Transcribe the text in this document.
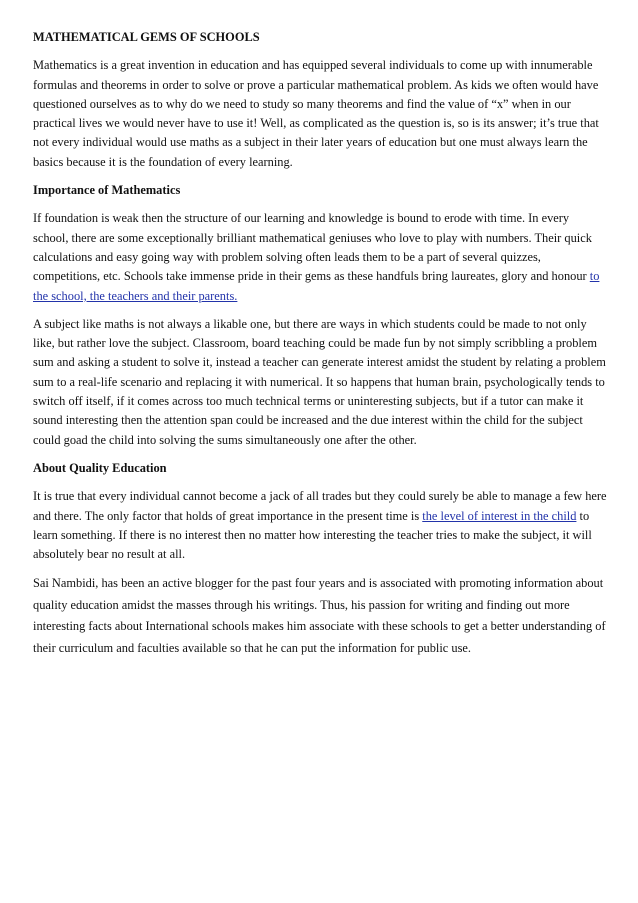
MATHEMATICAL GEMS OF SCHOOLS

Mathematics is a great invention in education and has equipped several individuals to come up with innumerable formulas and theorems in order to solve or prove a particular mathematical problem. As kids we often would have questioned ourselves as to why do we need to study so many theorems and find the value of “x” when in our practical lives we would never have to use it! Well, as complicated as the question is, so is its answer; it’s true that not every individual would use maths as a subject in their later years of education but one must always learn the basics because it is the foundation of every learning.

Importance of Mathematics

If foundation is weak then the structure of our learning and knowledge is bound to erode with time. In every school, there are some exceptionally brilliant mathematical geniuses who love to play with numbers. Their quick calculations and easy going way with problem solving often leads them to be a part of several quizzes, competitions, etc. Schools take immense pride in their gems as these handfuls bring laureates, glory and honour to the school, the teachers and their parents.

A subject like maths is not always a likable one, but there are ways in which students could be made to not only like, but rather love the subject. Classroom, board teaching could be made fun by not simply scribbling a problem sum and asking a student to solve it, instead a teacher can generate interest amidst the student by relating a problem sum to a real-life scenario and replacing it with numerical. It so happens that human brain, psychologically tends to switch off itself, if it comes across too much technical terms or uninteresting subjects, but if a tutor can make it sound interesting then the attention span could be increased and the due interest within the child for the subject could goad the child into solving the sums simultaneously one after the other.

About Quality Education

It is true that every individual cannot become a jack of all trades but they could surely be able to manage a few here and there. The only factor that holds of great importance in the present time is the level of interest in the child to learn something. If there is no interest then no matter how interesting the teacher tries to make the subject, it will absolutely bear no result at all.

Sai Nambidi, has been an active blogger for the past four years and is associated with promoting information about quality education amidst the masses through his writings. Thus, his passion for writing and finding out more interesting facts about International schools makes him associate with these schools to get a better understanding of their curriculum and faculties available so that he can put the information for public use.
